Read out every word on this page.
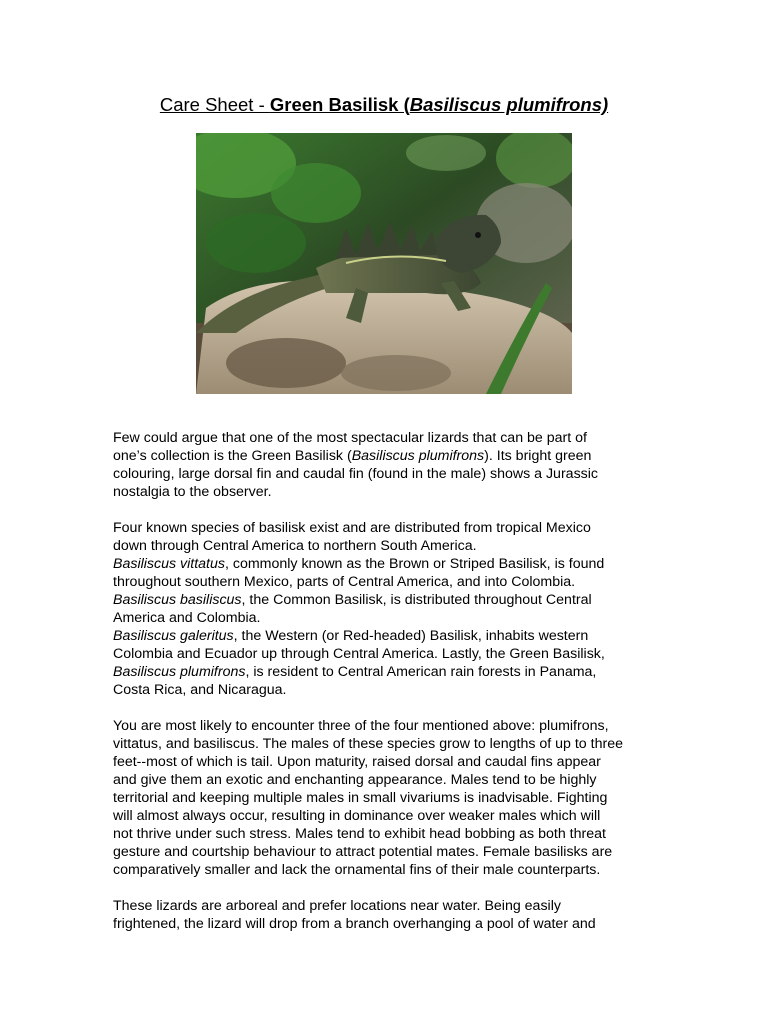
Care Sheet - Green Basilisk (Basiliscus plumifrons)

Few could argue that one of the most spectacular lizards that can be part of
one’s collection is the Green Basilisk (Basiliscus plumifrons). Its bright green
colouring, large dorsal fin and caudal fin (found in the male) shows a Jurassic
nostalgia to the observer.

Four known species of basilisk exist and are distributed from tropical Mexico
down through Central America to northern South America.
Basiliscus vittatus, commonly known as the Brown or Striped Basilisk, is found
throughout southern Mexico, parts of Central America, and into Colombia.
Basiliscus basiliscus, the Common Basilisk, is distributed throughout Central
America and Colombia.
Basiliscus galeritus, the Western (or Red-headed) Basilisk, inhabits western
Colombia and Ecuador up through Central America. Lastly, the Green Basilisk,
Basiliscus plumifrons, is resident to Central American rain forests in Panama,
Costa Rica, and Nicaragua.

You are most likely to encounter three of the four mentioned above: plumifrons,
vittatus, and basiliscus. The males of these species grow to lengths of up to three
feet--most of which is tail. Upon maturity, raised dorsal and caudal fins appear
and give them an exotic and enchanting appearance. Males tend to be highly
territorial and keeping multiple males in small vivariums is inadvisable. Fighting
will almost always occur, resulting in dominance over weaker males which will
not thrive under such stress. Males tend to exhibit head bobbing as both threat
gesture and courtship behaviour to attract potential mates. Female basilisks are
comparatively smaller and lack the ornamental fins of their male counterparts.

These lizards are arboreal and prefer locations near water. Being easily
frightened, the lizard will drop from a branch overhanging a pool of water and
